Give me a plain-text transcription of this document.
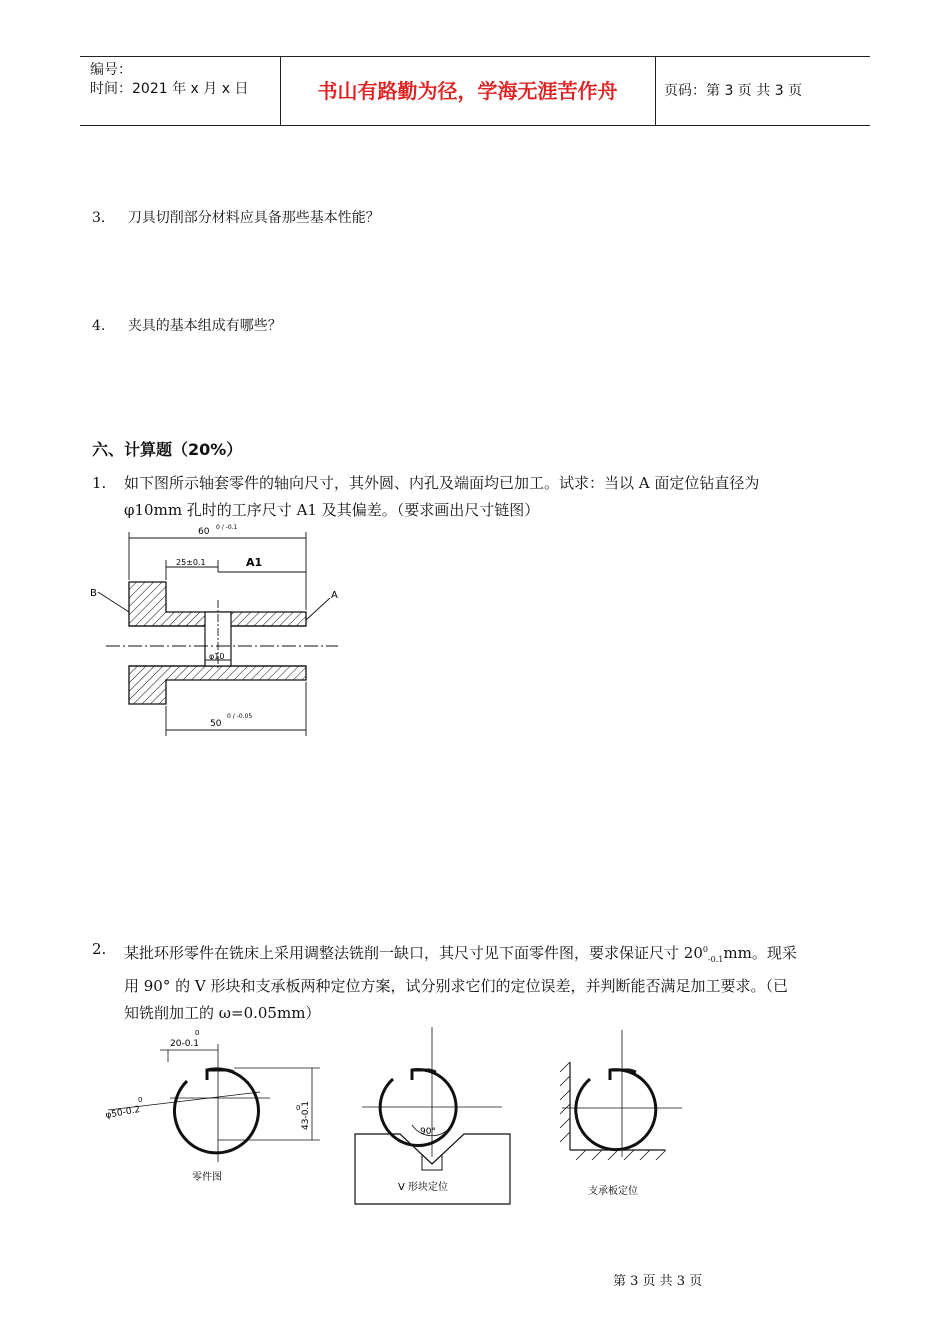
编号：
时间：2021 年 x 月 x 日	书山有路勤为径，学海无涯苦作舟	页码：第 3 页 共 3 页
3. 刀具切削部分材料应具备那些基本性能？
4. 夹具的基本组成有哪些？
六、计算题（20%）
1. 如下图所示轴套零件的轴向尺寸，其外圆、内孔及端面均已加工。试求：当以 A 面定位钻直径为
φ10mm 孔时的工序尺寸 A1 及其偏差。（要求画出尺寸链图）
60 0 / -0.1
25±0.1	A1
B	A
φ10
50
0 / -0.05
2. 某批环形零件在铣床上采用调整法铣削一缺口，其尺寸见下面零件图，要求保证尺寸 $20^0_{-0.1}mm$。现采
用 90° 的 V 形块和支承板两种定位方案，试分别求它们的定位误差，并判断能否满足加工要求。（已
知铣削加工的 ω=0.05mm）
20-0.1
0
φ50-0.2
0
43-0.1
0
零件图
90°
V 形块定位	支承板定位
第 3 页 共 3 页
